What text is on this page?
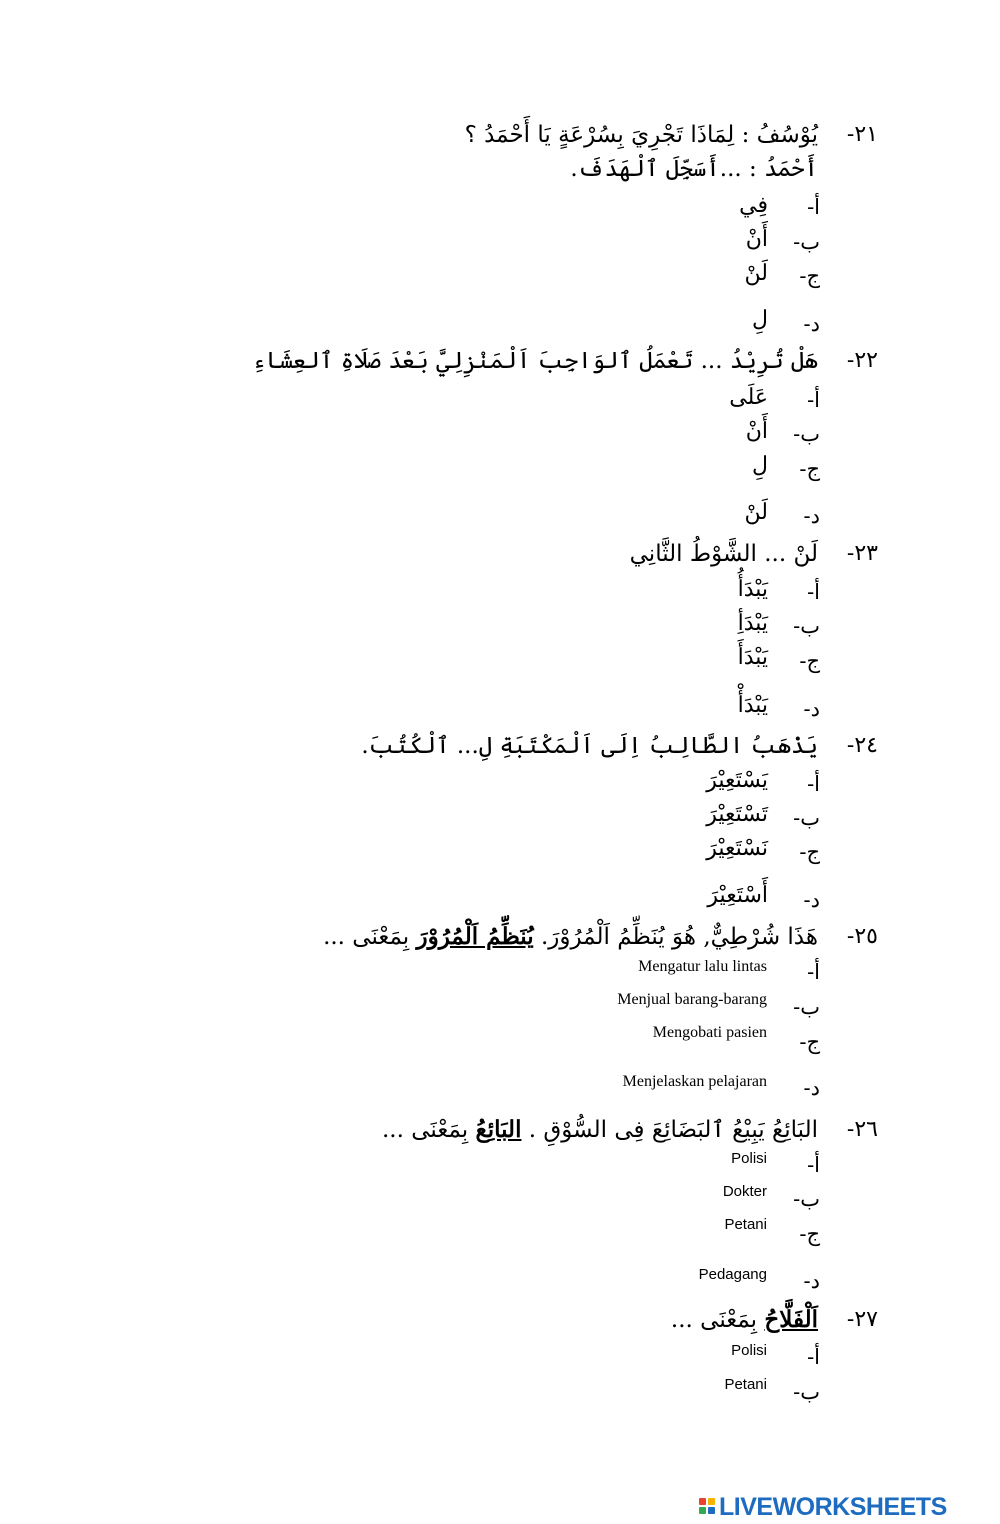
٢١-
يُوْسُفُ : لِمَاذَا تَجْرِيَ بِسُرْعَةٍ يَا أَحْمَدُ ؟
أَحْمَدُ : ...أَسَجِّلَ ٱلْهَدَفَ.
أ-
فِي
ب-
أَنْ
ج-
لَنْ
د-
لِ
٢٢-
هَلْ تُرِيْدُ ... تَعْمَلُ ٱلوَاجِبَ اَلْمَنْزِلِيَّ بَعْدَ صَلَاةِ ٱلعِشَاءِ
أ-
عَلَى
ب-
أَنْ
ج-
لِ
د-
لَنْ
٢٣-
لَنْ ... الشَّوْطُ الثَّانِي
أ-
يَبْدَأُ
ب-
يَبْدَأِ
ج-
يَبْدَأَ
د-
يَبْدَأْ
٢٤-
يَذْهَبُ الطَّالِبُ اِلَى اَلْمَكْتَبَةِ لِ... ٱلْكُتُبَ.
أ-
يَسْتَعِيْرَ
ب-
تَسْتَعِيْرَ
ج-
نَسْتَعِيْرَ
د-
أَسْتَعِيْرَ
٢٥-
هَذَا شُرْطِيٌّ, هُوَ يُنَظِّمُ اَلْمُرُوْرَ. يُنَظِّمُ اَلْمُرُوْرَ بِمَعْنَى ...
أ-
Mengatur lalu lintas
ب-
Menjual barang-barang
ج-
Mengobati pasien
د-
Menjelaskan pelajaran
٢٦-
البَائِعُ يَبِيْعُ ٱلبَضَائِعَ فِى السُّوْقِ . البَائِعُ بِمَعْنَى ...
أ-
Polisi
ب-
Dokter
ج-
Petani
د-
Pedagang
٢٧-
اَلْفَلَّاحُ بِمَعْنَى ...
أ-
Polisi
ب-
Petani
LIVEWORKSHEETS
